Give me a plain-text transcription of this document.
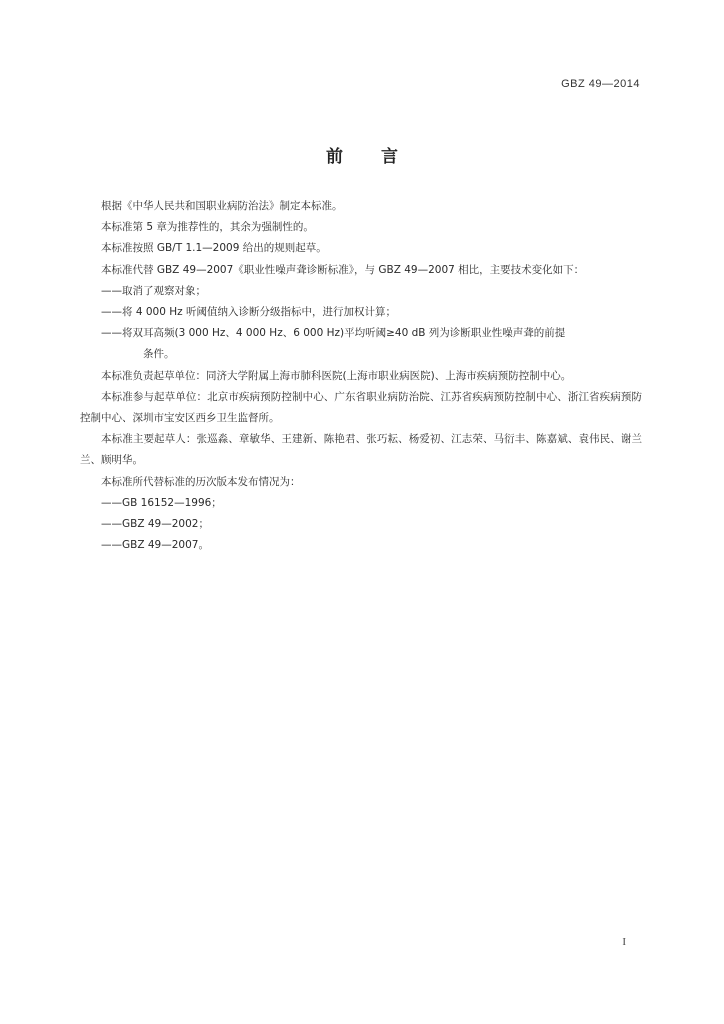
GBZ 49—2014
前言

根据《中华人民共和国职业病防治法》制定本标准。

本标准第 5 章为推荐性的，其余为强制性的。

本标准按照 GB/T 1.1—2009 给出的规则起草。

本标准代替 GBZ 49—2007《职业性噪声聋诊断标准》，与 GBZ 49—2007 相比，主要技术变化如下：

——取消了观察对象；

——将 4 000 Hz 听阈值纳入诊断分级指标中，进行加权计算；

——将双耳高频(3 000 Hz、4 000 Hz、6 000 Hz)平均听阈≥40 dB 列为诊断职业性噪声聋的前提
条件。

本标准负责起草单位：同济大学附属上海市肺科医院(上海市职业病医院)、上海市疾病预防控制中心。

本标准参与起草单位：北京市疾病预防控制中心、广东省职业病防治院、江苏省疾病预防控制中心、浙江省疾病预防控制中心、深圳市宝安区西乡卫生监督所。

本标准主要起草人：张巡淼、章敏华、王建新、陈艳君、张巧耘、杨爱初、江志荣、马衍丰、陈嘉斌、袁伟民、谢兰兰、顾明华。

本标准所代替标准的历次版本发布情况为：

——GB 16152—1996；

——GBZ 49—2002；

——GBZ 49—2007。

I
